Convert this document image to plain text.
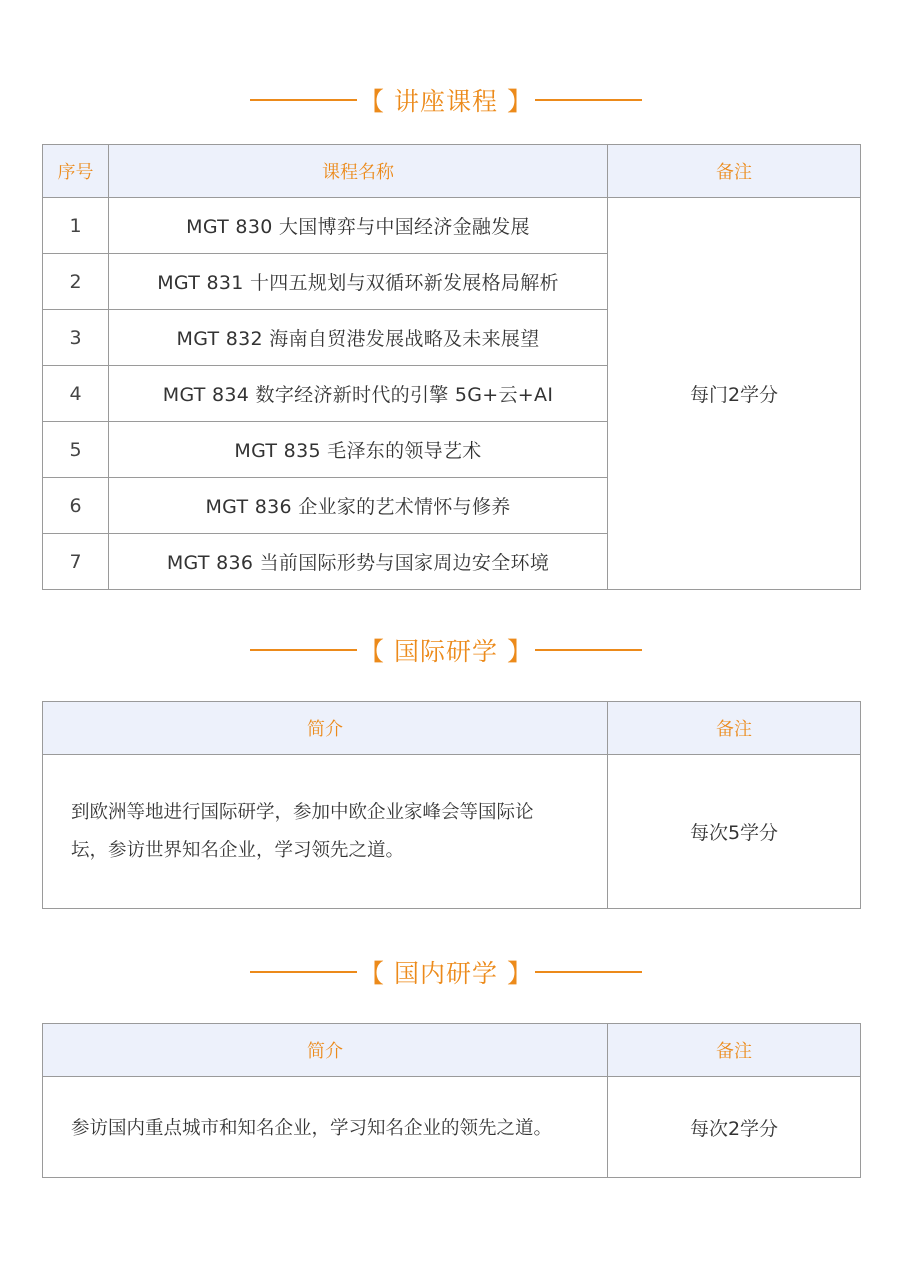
【 讲座课程 】
序号	课程名称	备注
1	MGT 830 大国博弈与中国经济金融发展	每门2学分
2	MGT 831 十四五规划与双循环新发展格局解析	
3	MGT 832 海南自贸港发展战略及未来展望	
4	MGT 834 数字经济新时代的引擎 5G+云+AI	
5	MGT 835 毛泽东的领导艺术	
6	MGT 836 企业家的艺术情怀与修养	
7	MGT 836 当前国际形势与国家周边安全环境	
【 国际研学 】
简介	备注
到欧洲等地进行国际研学，参加中欧企业家峰会等国际论坛，参访世界知名企业，学习领先之道。	每次5学分
【 国内研学 】
简介	备注
参访国内重点城市和知名企业，学习知名企业的领先之道。	每次2学分
